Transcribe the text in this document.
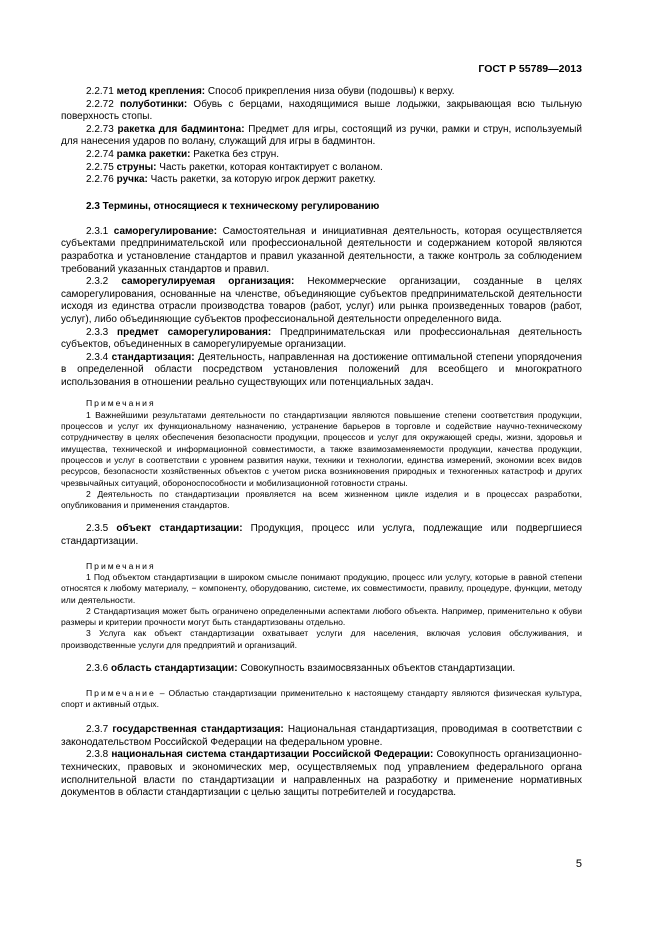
ГОСТ Р 55789—2013

2.2.71 метод крепления: Способ прикрепления низа обуви (подошвы) к верху.

2.2.72 полуботинки: Обувь с берцами, находящимися выше лодыжки, закрывающая всю тыльную поверхность стопы.

2.2.73 ракетка для бадминтона: Предмет для игры, состоящий из ручки, рамки и струн, используемый для нанесения ударов по волану, служащий для игры в бадминтон.

2.2.74 рамка ракетки: Ракетка без струн.

2.2.75 струны: Часть ракетки, которая контактирует с воланом.

2.2.76 ручка: Часть ракетки, за которую игрок держит ракетку.

2.3 Термины, относящиеся к техническому регулированию

2.3.1 саморегулирование: Самостоятельная и инициативная деятельность, которая осуществляется субъектами предпринимательской или профессиональной деятельности и содержанием которой являются разработка и установление стандартов и правил указанной деятельности, а также контроль за соблюдением требований указанных стандартов и правил.

2.3.2 саморегулируемая организация: Некоммерческие организации, созданные в целях саморегулирования, основанные на членстве, объединяющие субъектов предпринимательской деятельности исходя из единства отрасли производства товаров (работ, услуг) или рынка произведенных товаров (работ, услуг), либо объединяющие субъектов профессиональной деятельности определенного вида.

2.3.3 предмет саморегулирования: Предпринимательская или профессиональная деятельность субъектов, объединенных в саморегулируемые организации.

2.3.4 стандартизация: Деятельность, направленная на достижение оптимальной степени упорядочения в определенной области посредством установления положений для всеобщего и многократного использования в отношении реально существующих или потенциальных задач.

Примечания

1 Важнейшими результатами деятельности по стандартизации являются повышение степени соответствия продукции, процессов и услуг их функциональному назначению, устранение барьеров в торговле и содействие научно-техническому сотрудничеству в целях обеспечения безопасности продукции, процессов и услуг для окружающей среды, жизни, здоровья и имущества, технической и информационной совместимости, а также взаимозаменяемости продукции, качества продукции, процессов и услуг в соответствии с уровнем развития науки, техники и технологии, единства измерений, экономии всех видов ресурсов, безопасности хозяйственных объектов с учетом риска возникновения природных и техногенных катастроф и других чрезвычайных ситуаций, обороноспособности и мобилизационной готовности страны.

2 Деятельность по стандартизации проявляется на всем жизненном цикле изделия и в процессах разработки, опубликования и применения стандартов.

2.3.5 объект стандартизации: Продукция, процесс или услуга, подлежащие или подвергшиеся стандартизации.

Примечания

1 Под объектом стандартизации в широком смысле понимают продукцию, процесс или услугу, которые в равной степени относятся к любому материалу, − компоненту, оборудованию, системе, их совместимости, правилу, процедуре, функции, методу или деятельности.

2 Стандартизация может быть ограничено определенными аспектами любого объекта. Например, применительно к обуви размеры и критерии прочности могут быть стандартизованы отдельно.

3 Услуга как объект стандартизации охватывает услуги для населения, включая условия обслуживания, и производственные услуги для предприятий и организаций.

2.3.6 область стандартизации: Совокупность взаимосвязанных объектов стандартизации.

Примечание – Областью стандартизации применительно к настоящему стандарту являются физическая культура, спорт и активный отдых.

2.3.7 государственная стандартизация: Национальная стандартизация, проводимая в соответствии с законодательством Российской Федерации на федеральном уровне.

2.3.8 национальная система стандартизации Российской Федерации: Совокупность организационно-технических, правовых и экономических мер, осуществляемых под управлением федерального органа исполнительной власти по стандартизации и направленных на разработку и применение нормативных документов в области стандартизации с целью защиты потребителей и государства.

5
